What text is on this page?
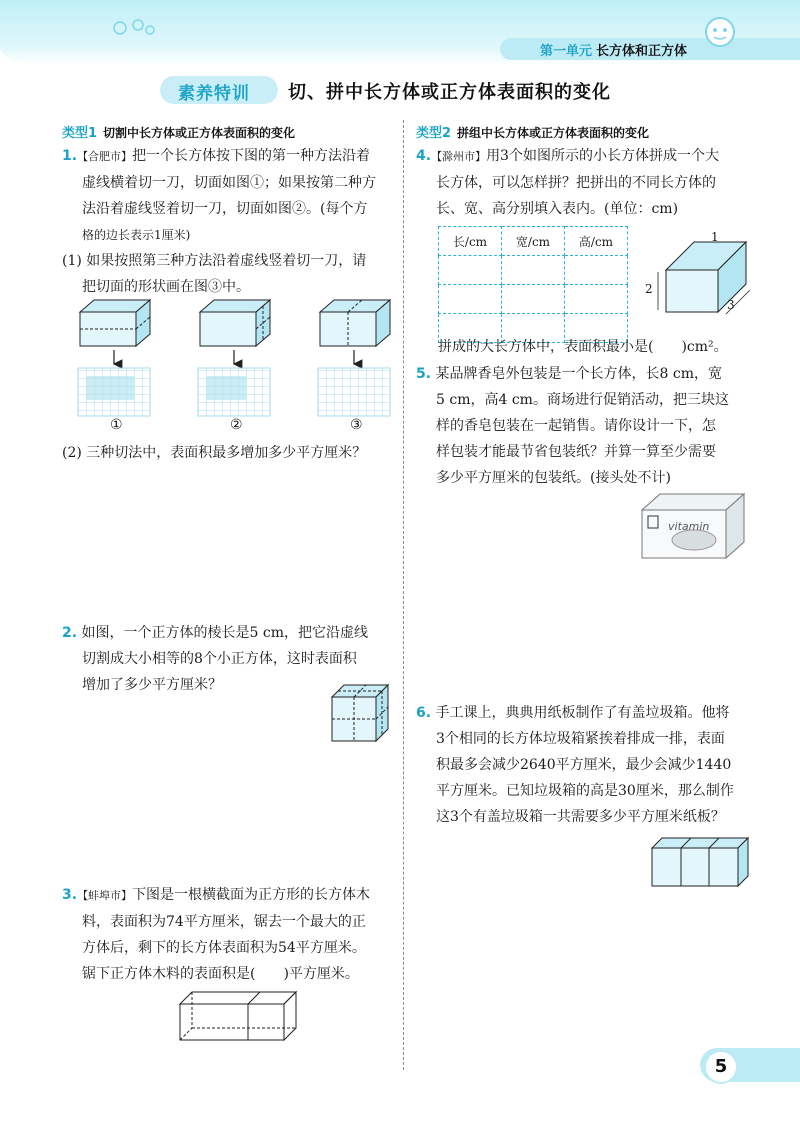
第一单元 长方体和正方体
素养特训 切、拼中长方体或正方体表面积的变化
类型1 切割中长方体或正方体表面积的变化
1.【合肥市】把一个长方体按下图的第一种方法沿着
虚线横着切一刀，切面如图①；如果按第二种方
法沿着虚线竖着切一刀，切面如图②。(每个方
格的边长表示1厘米)
(1) 如果按照第三种方法沿着虚线竖着切一刀，请
把切面的形状画在图③中。
①	②	③
(2) 三种切法中，表面积最多增加多少平方厘米？
2. 如图，一个正方体的棱长是5 cm，把它沿虚线
切割成大小相等的8个小正方体，这时表面积
增加了多少平方厘米？
3.【蚌埠市】下图是一根横截面为正方形的长方体木
料，表面积为74平方厘米，锯去一个最大的正
方体后，剩下的长方体表面积为54平方厘米。
锯下正方体木料的表面积是(　　)平方厘米。
类型2 拼组中长方体或正方体表面积的变化
4.【滁州市】用3个如图所示的小长方体拼成一个大
长方体，可以怎样拼？把拼出的不同长方体的
长、宽、高分别填入表内。(单位：cm)
长/cm	宽/cm	高/cm

			1
2
3
拼成的大长方体中，表面积最小是(　　)cm²。
5. 某品牌香皂外包装是一个长方体，长8 cm，宽
5 cm，高4 cm。商场进行促销活动，把三块这
样的香皂包装在一起销售。请你设计一下，怎
样包装才能最节省包装纸？并算一算至少需要
多少平方厘米的包装纸。(接头处不计)
vitamin
6. 手工课上，典典用纸板制作了有盖垃圾箱。他将
3个相同的长方体垃圾箱紧挨着排成一排，表面
积最多会减少2640平方厘米，最少会减少1440
平方厘米。已知垃圾箱的高是30厘米，那么制作
这3个有盖垃圾箱一共需要多少平方厘米纸板？
5
